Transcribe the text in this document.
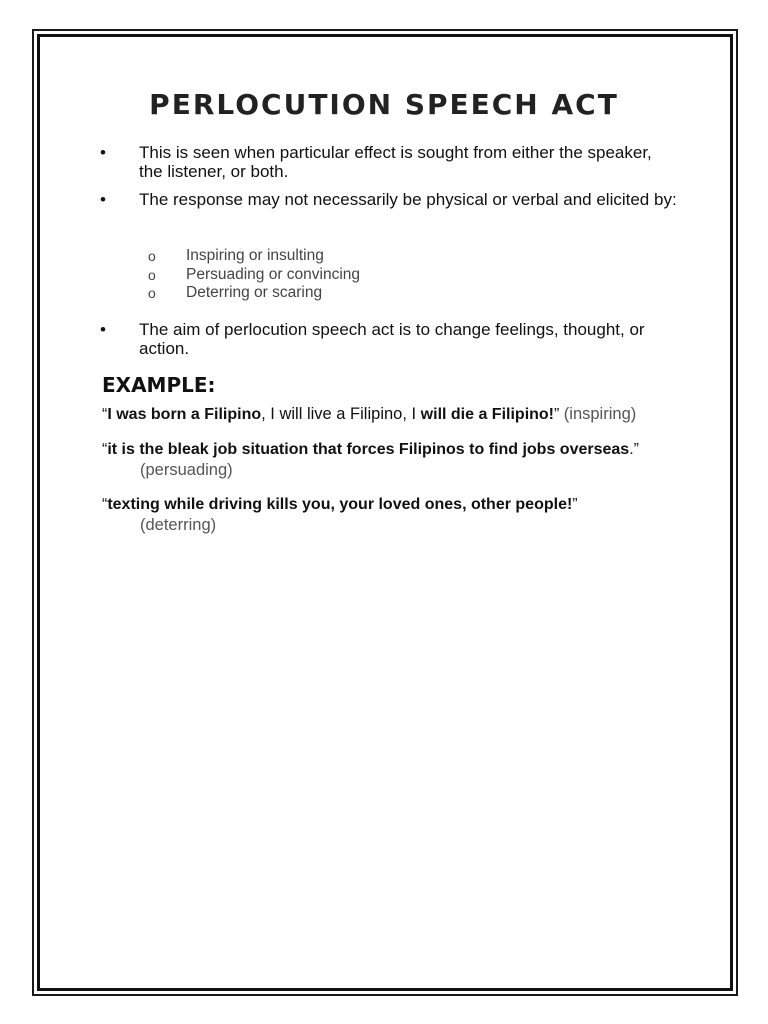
PERLOCUTION SPEECH ACT
• This is seen when particular effect is sought from either the speaker, the listener, or both.
• The response may not necessarily be physical or verbal and elicited by:
o Inspiring or insulting
o Persuading or convincing
o Deterring or scaring
• The aim of perlocution speech act is to change feelings, thought, or action.
EXAMPLE:
“I was born a Filipino, I will live a Filipino, I will die a Filipino!” (inspiring)
“it is the bleak job situation that forces Filipinos to find jobs overseas.”
(persuading)
“texting while driving kills you, your loved ones, other people!”
(deterring)
